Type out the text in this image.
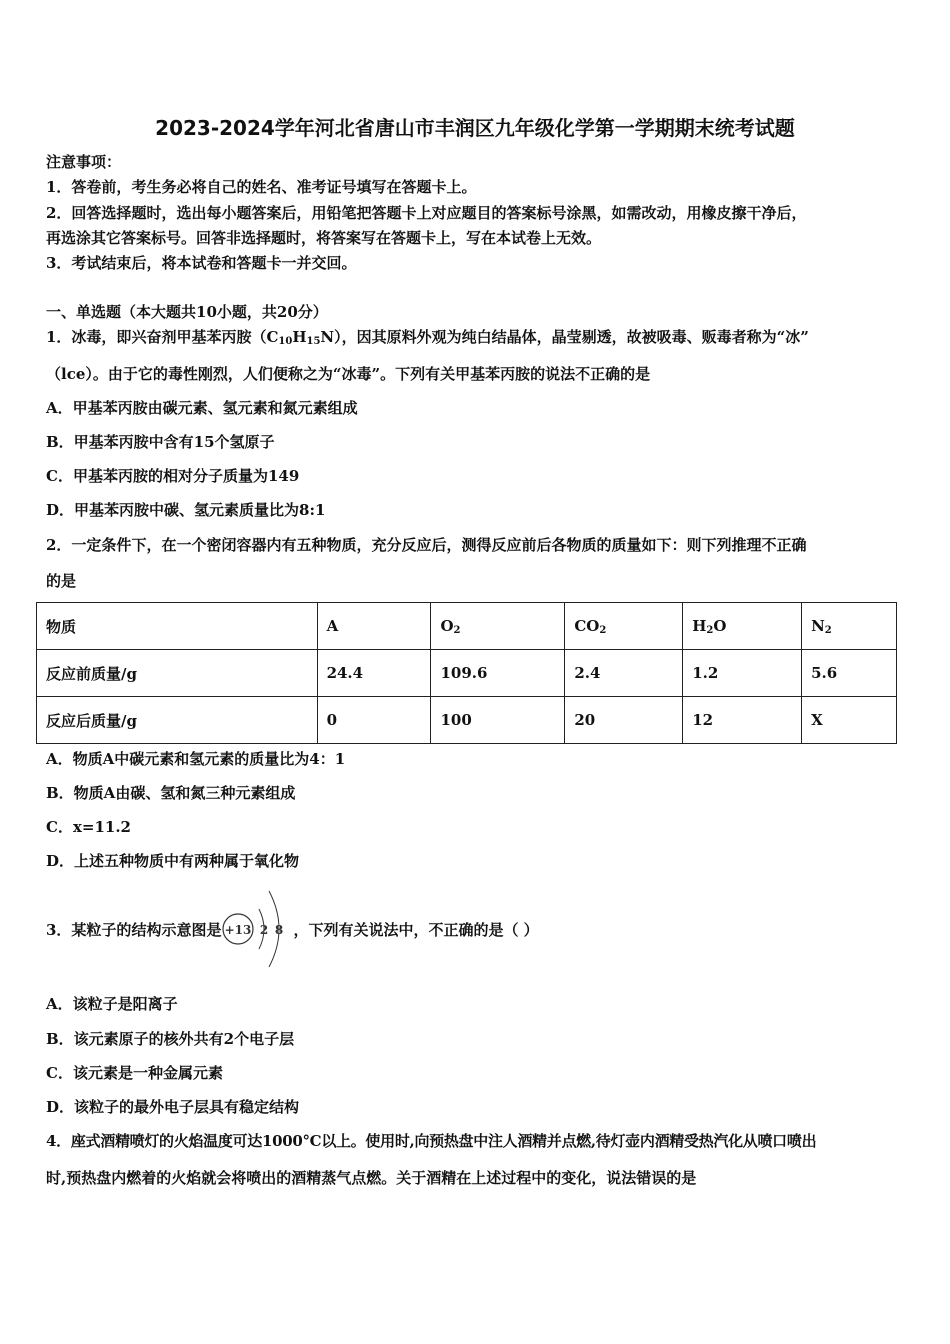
2023-2024学年河北省唐山市丰润区九年级化学第一学期期末统考试题
注意事项：
1．答卷前，考生务必将自己的姓名、准考证号填写在答题卡上。
2．回答选择题时，选出每小题答案后，用铅笔把答题卡上对应题目的答案标号涂黑，如需改动，用橡皮擦干净后，
再选涂其它答案标号。回答非选择题时，将答案写在答题卡上，写在本试卷上无效。
3．考试结束后，将本试卷和答题卡一并交回。
一、单选题（本大题共10小题，共20分）
1．冰毒，即兴奋剂甲基苯丙胺$(C_{10}H_{15}N)$，因其原料外观为纯白结晶体，晶莹剔透，故被吸毒、贩毒者称为“冰”
（lce）。由于它的毒性刚烈，人们便称之为“冰毒”。下列有关甲基苯丙胺的说法不正确的是
A．甲基苯丙胺由碳元素、氢元素和氮元素组成
B．甲基苯丙胺中含有15个氢原子
C．甲基苯丙胺的相对分子质量为149
D．甲基苯丙胺中碳、氢元素质量比为8:1
2．一定条件下，在一个密闭容器内有五种物质，充分反应后，测得反应前后各物质的质量如下：则下列推理不正确
的是
物质	A	$O_2$	$CO_2$	$H_2O$	$N_2$
反应前质量/g	24.4	109.6	2.4	1.2	5.6
反应后质量/g	0	100	20	12	X
A．物质A中碳元素和氢元素的质量比为4：1
B．物质A由碳、氢和氮三种元素组成
C．x=11.2
D．上述五种物质中有两种属于氧化物
3．某粒子的结构示意图是 +13 2 8 ，下列有关说法中，不正确的是（ ）
A．该粒子是阳离子
B．该元素原子的核外共有2个电子层
C．该元素是一种金属元素
D．该粒子的最外电子层具有稳定结构
4．座式酒精喷灯的火焰温度可达1000°C以上。使用时,向预热盘中注人酒精并点燃,待灯壶内酒精受热汽化从喷口喷出
时,预热盘内燃着的火焰就会将喷出的酒精蒸气点燃。关于酒精在上述过程中的变化，说法错误的是
